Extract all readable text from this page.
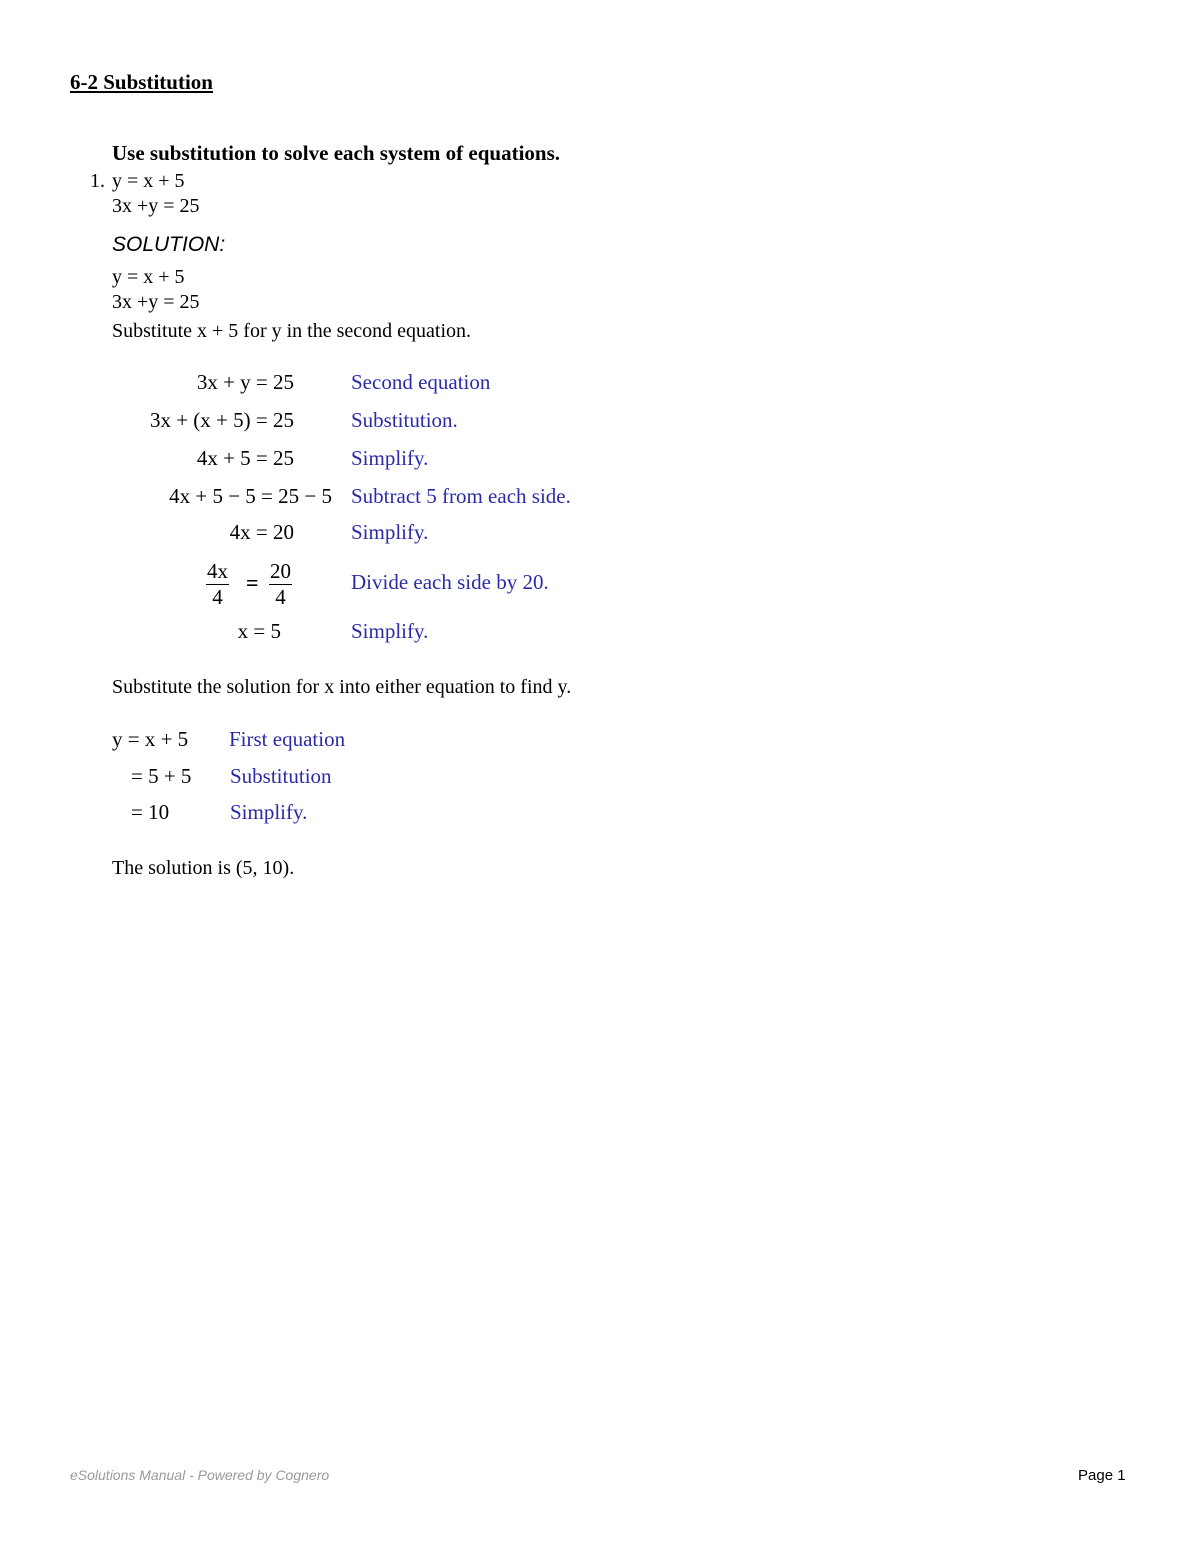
6-2 Substitution
Use substitution to solve each system of equations.
1. y = x + 5
3x +y = 25
SOLUTION:
y = x + 5
3x +y = 25
Substitute x + 5 for y in the second equation.
3x + y = 25	Second equation
3x + (x + 5) = 25	Substitution.
4x + 5 = 25	Simplify.
4x + 5 − 5 = 25 − 5 Subtract 5 from each side.
4x = 20	Simplify.
$\frac{4x}{4} = \frac{20}{4}$	Divide each side by 20.
x = 5	Simplify.
Substitute the solution for x into either equation to find y.
y = x + 5 First equation
= 5 + 5 Substitution
= 10	Simplify.
The solution is (5, 10).
eSolutions Manual - Powered by Cognero	Page 1
